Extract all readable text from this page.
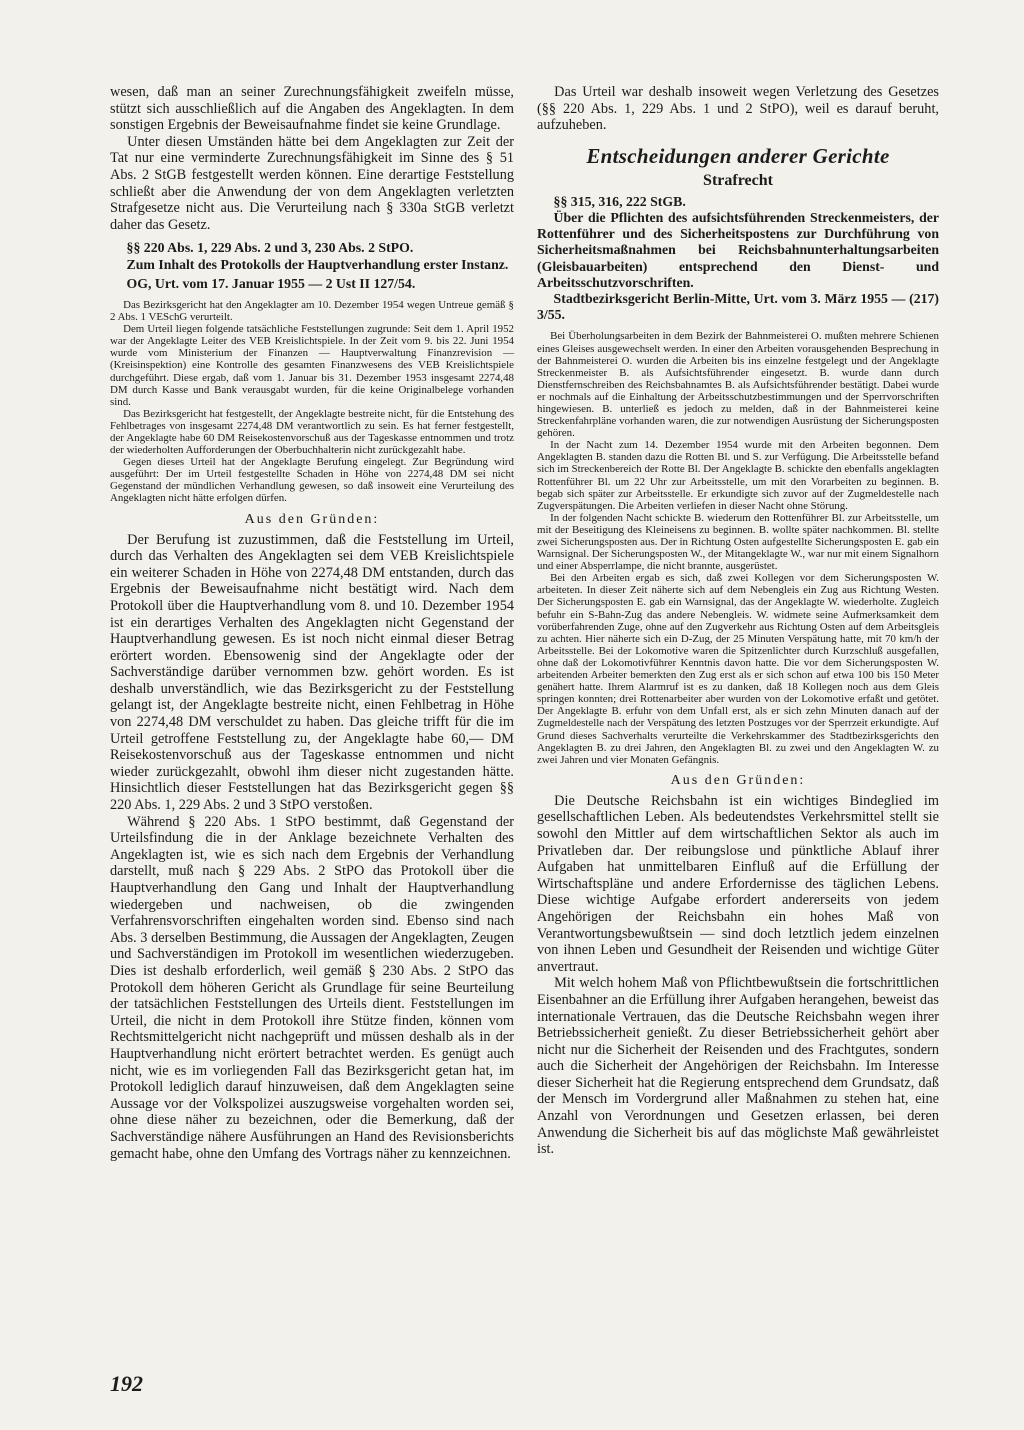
wesen, daß man an seiner Zurechnungsfähigkeit zweifeln müsse, stützt sich ausschließlich auf die Angaben des Angeklagten. In dem sonstigen Ergebnis der Beweisaufnahme findet sie keine Grundlage.

Unter diesen Umständen hätte bei dem Angeklagten zur Zeit der Tat nur eine verminderte Zurechnungsfähigkeit im Sinne des § 51 Abs. 2 StGB festgestellt werden können. Eine derartige Feststellung schließt aber die Anwendung der von dem Angeklagten verletzten Strafgesetze nicht aus. Die Verurteilung nach § 330a StGB verletzt daher das Gesetz.

§§ 220 Abs. 1, 229 Abs. 2 und 3, 230 Abs. 2 StPO.

Zum Inhalt des Protokolls der Hauptverhandlung erster Instanz.

OG, Urt. vom 17. Januar 1955 — 2 Ust II 127/54.

Das Bezirksgericht hat den Angeklagter am 10. Dezember 1954 wegen Untreue gemäß § 2 Abs. 1 VESchG verurteilt.

Dem Urteil liegen folgende tatsächliche Feststellungen zugrunde: Seit dem 1. April 1952 war der Angeklagte Leiter des VEB Kreislichtspiele. In der Zeit vom 9. bis 22. Juni 1954 wurde vom Ministerium der Finanzen — Hauptverwaltung Finanzrevision — (Kreisinspektion) eine Kontrolle des gesamten Finanzwesens des VEB Kreislichtspiele durchgeführt. Diese ergab, daß vom 1. Januar bis 31. Dezember 1953 insgesamt 2274,48 DM durch Kasse und Bank verausgabt wurden, für die keine Originalbelege vorhanden sind.

Das Bezirksgericht hat festgestellt, der Angeklagte bestreite nicht, für die Entstehung des Fehlbetrages von insgesamt 2274,48 DM verantwortlich zu sein. Es hat ferner festgestellt, der Angeklagte habe 60 DM Reisekostenvorschuß aus der Tageskasse entnommen und trotz der wiederholten Aufforderungen der Oberbuchhalterin nicht zurückgezahlt habe.

Gegen dieses Urteil hat der Angeklagte Berufung eingelegt. Zur Begründung wird ausgeführt: Der im Urteil festgestellte Schaden in Höhe von 2274,48 DM sei nicht Gegenstand der mündlichen Verhandlung gewesen, so daß insoweit eine Verurteilung des Angeklagten nicht hätte erfolgen dürfen.

Aus den Gründen:

Der Berufung ist zuzustimmen, daß die Feststellung im Urteil, durch das Verhalten des Angeklagten sei dem VEB Kreislichtspiele ein weiterer Schaden in Höhe von 2274,48 DM entstanden, durch das Ergebnis der Beweisaufnahme nicht bestätigt wird. Nach dem Protokoll über die Hauptverhandlung vom 8. und 10. Dezember 1954 ist ein derartiges Verhalten des Angeklagten nicht Gegenstand der Hauptverhandlung gewesen. Es ist noch nicht einmal dieser Betrag erörtert worden. Ebensowenig sind der Angeklagte oder der Sachverständige darüber vernommen bzw. gehört worden. Es ist deshalb unverständlich, wie das Bezirksgericht zu der Feststellung gelangt ist, der Angeklagte bestreite nicht, einen Fehlbetrag in Höhe von 2274,48 DM verschuldet zu haben. Das gleiche trifft für die im Urteil getroffene Feststellung zu, der Angeklagte habe 60,— DM Reisekostenvorschuß aus der Tageskasse entnommen und nicht wieder zurückgezahlt, obwohl ihm dieser nicht zugestanden hätte. Hinsichtlich dieser Feststellungen hat das Bezirksgericht gegen §§ 220 Abs. 1, 229 Abs. 2 und 3 StPO verstoßen.

Während § 220 Abs. 1 StPO bestimmt, daß Gegenstand der Urteilsfindung die in der Anklage bezeichnete Verhalten des Angeklagten ist, wie es sich nach dem Ergebnis der Verhandlung darstellt, muß nach § 229 Abs. 2 StPO das Protokoll über die Hauptverhandlung den Gang und Inhalt der Hauptverhandlung wiedergeben und nachweisen, ob die zwingenden Verfahrensvorschriften eingehalten worden sind. Ebenso sind nach Abs. 3 derselben Bestimmung, die Aussagen der Angeklagten, Zeugen und Sachverständigen im Protokoll im wesentlichen wiederzugeben. Dies ist deshalb erforderlich, weil gemäß § 230 Abs. 2 StPO das Protokoll dem höheren Gericht als Grundlage für seine Beurteilung der tatsächlichen Feststellungen des Urteils dient. Feststellungen im Urteil, die nicht in dem Protokoll ihre Stütze finden, können vom Rechtsmittelgericht nicht nachgeprüft und müssen deshalb als in der Hauptverhandlung nicht erörtert betrachtet werden. Es genügt auch nicht, wie es im vorliegenden Fall das Bezirksgericht getan hat, im Protokoll lediglich darauf hinzuweisen, daß dem Angeklagten seine Aussage vor der Volkspolizei auszugsweise vorgehalten worden sei, ohne diese näher zu bezeichnen, oder die Bemerkung, daß der Sachverständige nähere Ausführungen an Hand des Revisionsberichts gemacht habe, ohne den Umfang des Vortrags näher zu kennzeichnen.

Das Urteil war deshalb insoweit wegen Verletzung des Gesetzes (§§ 220 Abs. 1, 229 Abs. 1 und 2 StPO), weil es darauf beruht, aufzuheben.

Entscheidungen anderer Gerichte

Strafrecht

§§ 315, 316, 222 StGB.

Über die Pflichten des aufsichtsführenden Streckenmeisters, der Rottenführer und des Sicherheitspostens zur Durchführung von Sicherheitsmaßnahmen bei Reichsbahnunterhaltungsarbeiten (Gleisbauarbeiten) entsprechend den Dienst- und Arbeitsschutzvorschriften.

Stadtbezirksgericht Berlin-Mitte, Urt. vom 3. März 1955 — (217) 3/55.

Bei Überholungsarbeiten in dem Bezirk der Bahnmeisterei O. mußten mehrere Schienen eines Gleises ausgewechselt werden. In einer den Arbeiten vorausgehenden Besprechung in der Bahnmeisterei O. wurden die Arbeiten bis ins einzelne festgelegt und der Angeklagte Streckenmeister B. als Aufsichtsführender eingesetzt. B. wurde dann durch Dienstfernschreiben des Reichsbahnamtes B. als Aufsichtsführender bestätigt. Dabei wurde er nochmals auf die Einhaltung der Arbeitsschutzbestimmungen und der Sperrvorschriften hingewiesen. B. unterließ es jedoch zu melden, daß in der Bahnmeisterei keine Streckenfahrpläne vorhanden waren, die zur notwendigen Ausrüstung der Sicherungsposten gehören.

In der Nacht zum 14. Dezember 1954 wurde mit den Arbeiten begonnen. Dem Angeklagten B. standen dazu die Rotten Bl. und S. zur Verfügung. Die Arbeitsstelle befand sich im Streckenbereich der Rotte Bl. Der Angeklagte B. schickte den ebenfalls angeklagten Rottenführer Bl. um 22 Uhr zur Arbeitsstelle, um mit den Vorarbeiten zu beginnen. B. begab sich später zur Arbeitsstelle. Er erkundigte sich zuvor auf der Zugmeldestelle nach Zugverspätungen. Die Arbeiten verliefen in dieser Nacht ohne Störung.

In der folgenden Nacht schickte B. wiederum den Rottenführer Bl. zur Arbeitsstelle, um mit der Beseitigung des Kleineisens zu beginnen. B. wollte später nachkommen. Bl. stellte zwei Sicherungsposten aus. Der in Richtung Osten aufgestellte Sicherungsposten E. gab ein Warnsignal. Der Sicherungsposten W., der Mitangeklagte W., war nur mit einem Signalhorn und einer Absperrlampe, die nicht brannte, ausgerüstet.

Bei den Arbeiten ergab es sich, daß zwei Kollegen vor dem Sicherungsposten W. arbeiteten. In dieser Zeit näherte sich auf dem Nebengleis ein Zug aus Richtung Westen. Der Sicherungsposten E. gab ein Warnsignal, das der Angeklagte W. wiederholte. Zugleich befuhr ein S-Bahn-Zug das andere Nebengleis. W. widmete seine Aufmerksamkeit dem vorüberfahrenden Zuge, ohne auf den Zugverkehr aus Richtung Osten auf dem Arbeitsgleis zu achten. Hier näherte sich ein D-Zug, der 25 Minuten Verspätung hatte, mit 70 km/h der Arbeitsstelle. Bei der Lokomotive waren die Spitzenlichter durch Kurzschluß ausgefallen, ohne daß der Lokomotivführer Kenntnis davon hatte. Die vor dem Sicherungsposten W. arbeitenden Arbeiter bemerkten den Zug erst als er sich schon auf etwa 100 bis 150 Meter genähert hatte. Ihrem Alarmruf ist es zu danken, daß 18 Kollegen noch aus dem Gleis springen konnten; drei Rottenarbeiter aber wurden von der Lokomotive erfaßt und getötet. Der Angeklagte B. erfuhr von dem Unfall erst, als er sich zehn Minuten danach auf der Zugmeldestelle nach der Verspätung des letzten Postzuges vor der Sperrzeit erkundigte. Auf Grund dieses Sachverhalts verurteilte die Verkehrskammer des Stadtbezirksgerichts den Angeklagten B. zu drei Jahren, den Angeklagten Bl. zu zwei und den Angeklagten W. zu zwei Jahren und vier Monaten Gefängnis.

Aus den Gründen:

Die Deutsche Reichsbahn ist ein wichtiges Bindeglied im gesellschaftlichen Leben. Als bedeutendstes Verkehrsmittel stellt sie sowohl den Mittler auf dem wirtschaftlichen Sektor als auch im Privatleben dar. Der reibungslose und pünktliche Ablauf ihrer Aufgaben hat unmittelbaren Einfluß auf die Erfüllung der Wirtschaftspläne und andere Erfordernisse des täglichen Lebens. Diese wichtige Aufgabe erfordert andererseits von jedem Angehörigen der Reichsbahn ein hohes Maß von Verantwortungsbewußtsein — sind doch letztlich jedem einzelnen von ihnen Leben und Gesundheit der Reisenden und wichtige Güter anvertraut.

Mit welch hohem Maß von Pflichtbewußtsein die fortschrittlichen Eisenbahner an die Erfüllung ihrer Aufgaben herangehen, beweist das internationale Vertrauen, das die Deutsche Reichsbahn wegen ihrer Betriebssicherheit genießt. Zu dieser Betriebssicherheit gehört aber nicht nur die Sicherheit der Reisenden und des Frachtgutes, sondern auch die Sicherheit der Angehörigen der Reichsbahn. Im Interesse dieser Sicherheit hat die Regierung entsprechend dem Grundsatz, daß der Mensch im Vordergrund aller Maßnahmen zu stehen hat, eine Anzahl von Verordnungen und Gesetzen erlassen, bei deren Anwendung die Sicherheit bis auf das möglichste Maß gewährleistet ist.

192
